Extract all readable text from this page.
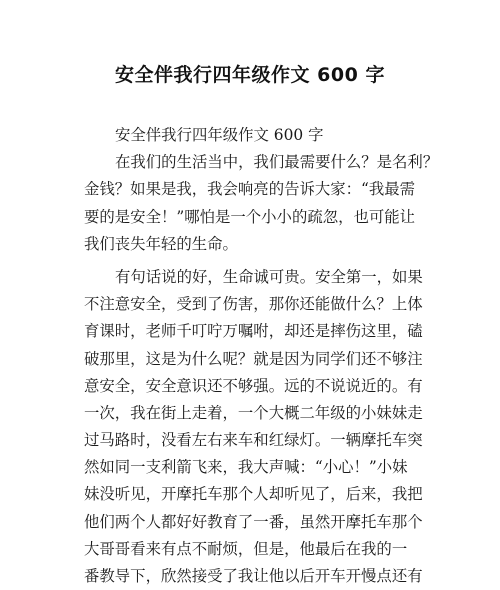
安全伴我行四年级作文 600 字
安全伴我行四年级作文 600 字
在我们的生活当中，我们最需要什么？是名利？
金钱？如果是我，我会响亮的告诉大家：“我最需
要的是安全！”哪怕是一个小小的疏忽，也可能让
我们丧失年轻的生命。
有句话说的好，生命诚可贵。安全第一，如果
不注意安全，受到了伤害，那你还能做什么？上体
育课时，老师千叮咛万嘱咐，却还是摔伤这里，磕
破那里，这是为什么呢？就是因为同学们还不够注
意安全，安全意识还不够强。远的不说说近的。有
一次，我在街上走着，一个大概二年级的小妹妹走
过马路时，没看左右来车和红绿灯。一辆摩托车突
然如同一支利箭飞来，我大声喊：“小心！”小妹
妹没听见，开摩托车那个人却听见了，后来，我把
他们两个人都好好教育了一番，虽然开摩托车那个
大哥哥看来有点不耐烦，但是，他最后在我的一
番教导下，欣然接受了我让他以后开车开慢点还有
